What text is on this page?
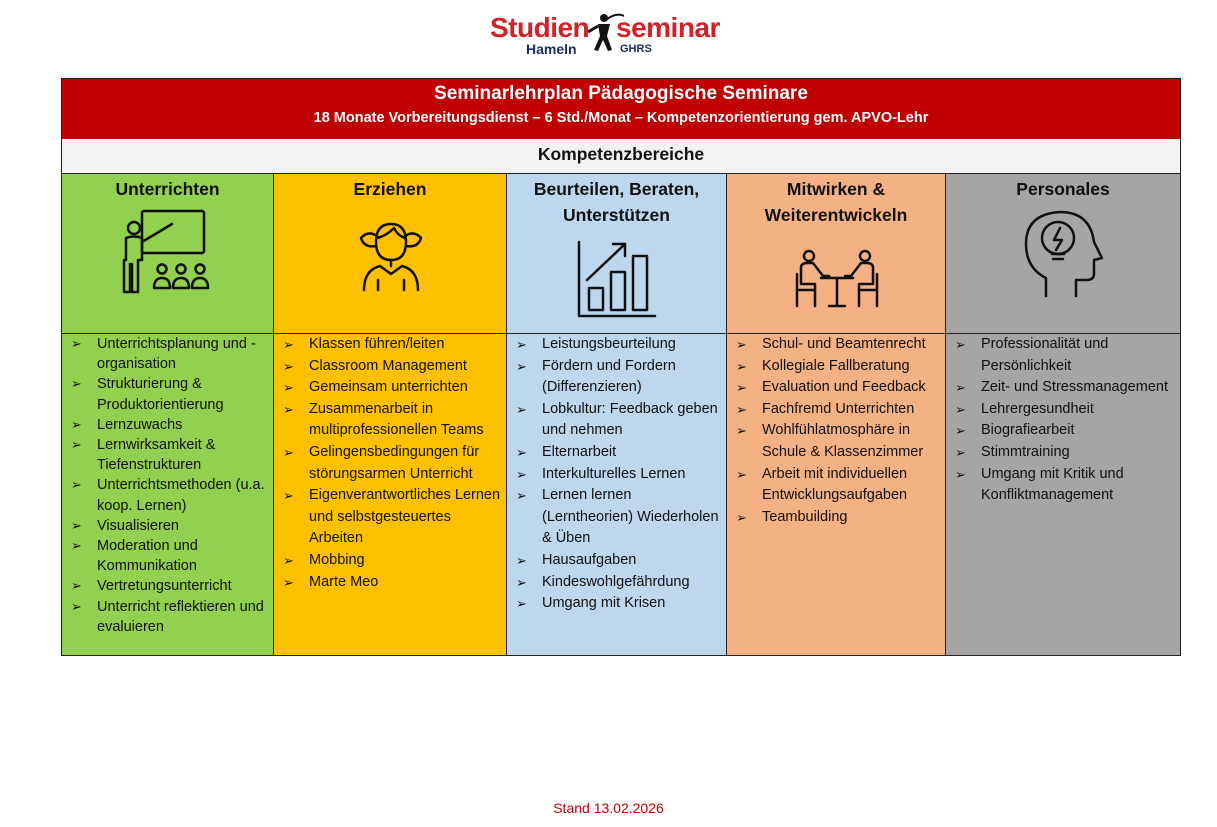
Studien seminar
Hameln	GHRS
Seminarlehrplan Pädagogische Seminare
18 Monate Vorbereitungsdienst – 6 Std./Monat – Kompetenzorientierung gem. APVO-Lehr
Kompetenzbereiche
Unterrichten
➢ Unterrichtsplanung und -organisation
➢ Strukturierung & Produktorientierung
➢ Lernzuwachs
➢ Lernwirksamkeit & Tiefenstrukturen
➢ Unterrichtsmethoden (u.a. koop. Lernen)
➢ Visualisieren
➢ Moderation und Kommunikation
➢ Vertretungsunterricht
➢ Unterricht reflektieren und evaluieren
Erziehen
➢ Klassen führen/leiten
➢ Classroom Management
➢ Gemeinsam unterrichten
➢ Zusammenarbeit in multiprofessionellen Teams
➢ Gelingensbedingungen für störungsarmen Unterricht
➢ Eigenverantwortliches Lernen und selbstgesteuertes Arbeiten
➢ Mobbing
➢ Marte Meo
Beurteilen, Beraten, Unterstützen
➢ Leistungsbeurteilung
➢ Fördern und Fordern (Differenzieren)
➢ Lobkultur: Feedback geben und nehmen
➢ Elternarbeit
➢ Interkulturelles Lernen
➢ Lernen lernen (Lerntheorien) Wiederholen & Üben
➢ Hausaufgaben
➢ Kindeswohlgefährdung
➢ Umgang mit Krisen
Mitwirken & Weiterentwickeln
➢ Schul- und Beamtenrecht
➢ Kollegiale Fallberatung
➢ Evaluation und Feedback
➢ Fachfremd Unterrichten
➢ Wohlfühlatmosphäre in Schule & Klassenzimmer
➢ Arbeit mit individuellen Entwicklungsaufgaben
➢ Teambuilding
Personales
➢ Professionalität und Persönlichkeit
➢ Zeit- und Stressmanagement
➢ Lehrergesundheit
➢ Biografiearbeit
➢ Stimmtraining
➢ Umgang mit Kritik und Konfliktmanagement
Stand 13.02.2026
